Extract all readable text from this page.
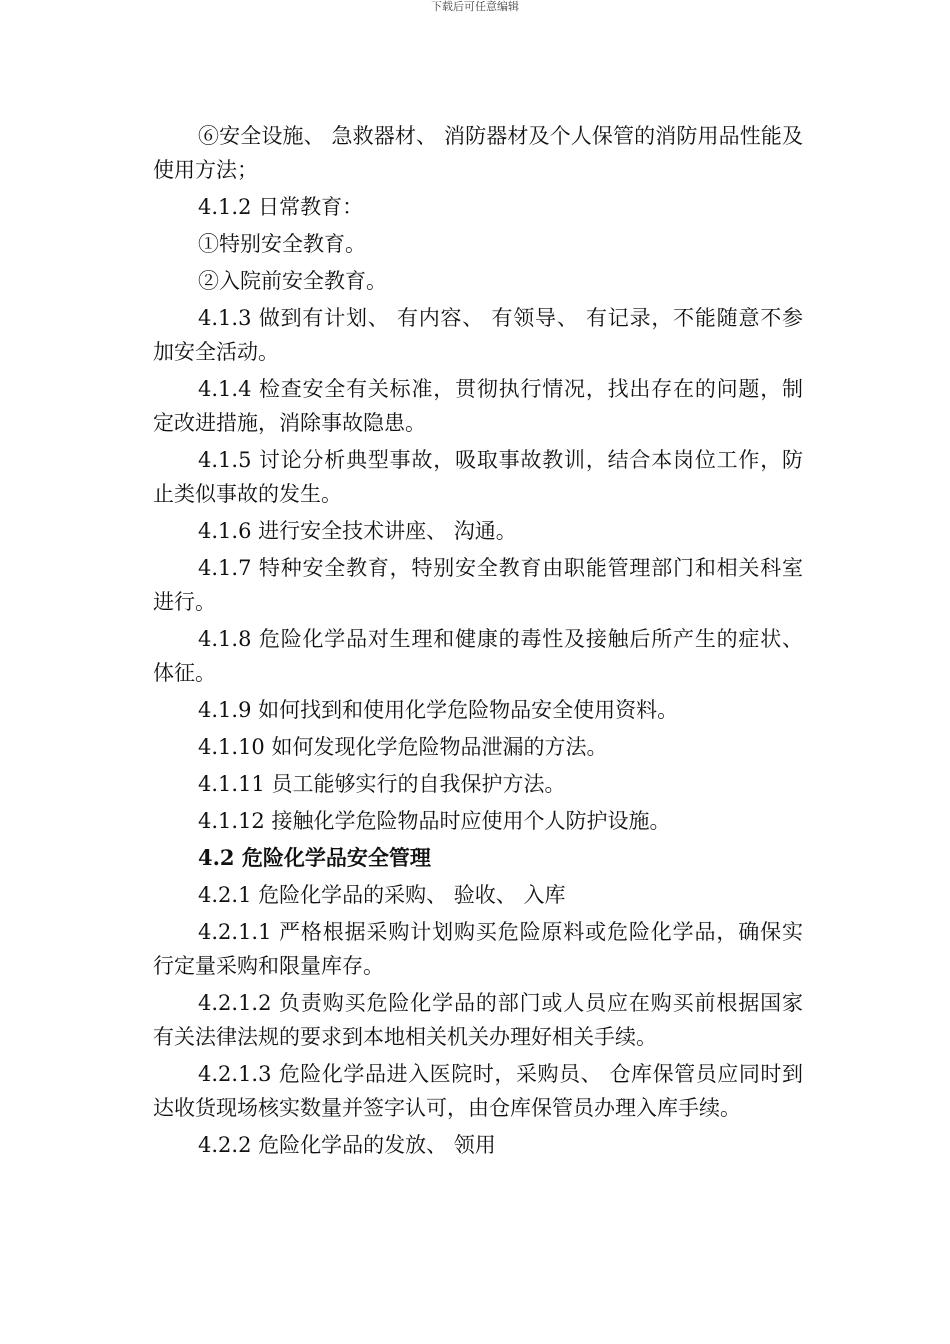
下载后可任意编辑

⑥安全设施、 急救器材、 消防器材及个人保管的消防用品性能及使用方法；

4.1.2 日常教育：

①特别安全教育。

②入院前安全教育。

4.1.3 做到有计划、 有内容、 有领导、 有记录，不能随意不参加安全活动。

4.1.4 检查安全有关标准，贯彻执行情况，找出存在的问题，制定改进措施，消除事故隐患。

4.1.5 讨论分析典型事故，吸取事故教训，结合本岗位工作，防止类似事故的发生。

4.1.6 进行安全技术讲座、 沟通。

4.1.7 特种安全教育，特别安全教育由职能管理部门和相关科室进行。

4.1.8 危险化学品对生理和健康的毒性及接触后所产生的症状、 体征。

4.1.9 如何找到和使用化学危险物品安全使用资料。

4.1.10 如何发现化学危险物品泄漏的方法。

4.1.11 员工能够实行的自我保护方法。

4.1.12 接触化学危险物品时应使用个人防护设施。

4.2 危险化学品安全管理

4.2.1 危险化学品的采购、 验收、 入库

4.2.1.1 严格根据采购计划购买危险原料或危险化学品，确保实行定量采购和限量库存。

4.2.1.2 负责购买危险化学品的部门或人员应在购买前根据国家有关法律法规的要求到本地相关机关办理好相关手续。

4.2.1.3 危险化学品进入医院时，采购员、 仓库保管员应同时到达收货现场核实数量并签字认可，由仓库保管员办理入库手续。

4.2.2 危险化学品的发放、 领用
